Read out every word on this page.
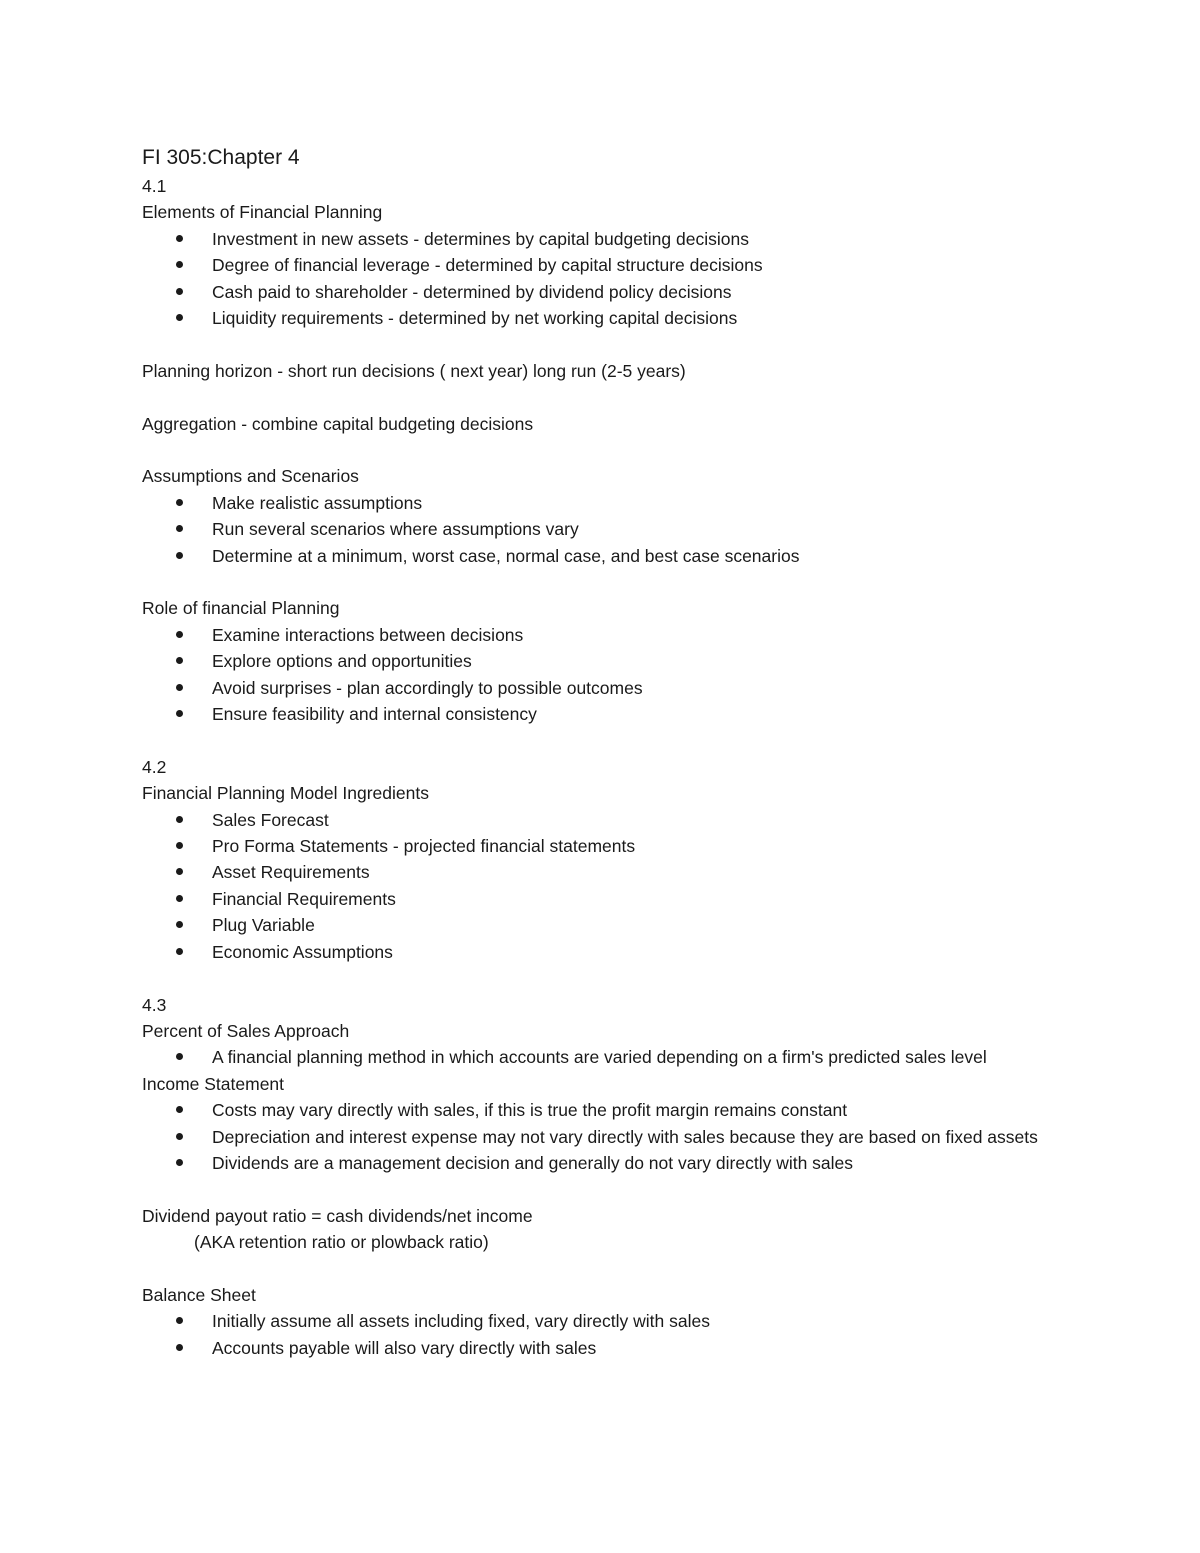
FI 305:Chapter 4

4.1

Elements of Financial Planning

Investment in new assets - determines by capital budgeting decisions
Degree of financial leverage - determined by capital structure decisions
Cash paid to shareholder - determined by dividend policy decisions
Liquidity requirements - determined by net working capital decisions

Planning horizon - short run decisions ( next year) long run (2-5 years)

Aggregation - combine capital budgeting decisions

Assumptions and Scenarios

Make realistic assumptions
Run several scenarios where assumptions vary
Determine at a minimum, worst case, normal case, and best case scenarios

Role of financial Planning

Examine interactions between decisions
Explore options and opportunities
Avoid surprises - plan accordingly to possible outcomes
Ensure feasibility and internal consistency

4.2

Financial Planning Model Ingredients

Sales Forecast
Pro Forma Statements - projected financial statements
Asset Requirements
Financial Requirements
Plug Variable
Economic Assumptions

4.3

Percent of Sales Approach

A financial planning method in which accounts are varied depending on a firm's predicted sales level

Income Statement

Costs may vary directly with sales, if this is true the profit margin remains constant
Depreciation and interest expense may not vary directly with sales because they are based on fixed assets
Dividends are a management decision and generally do not vary directly with sales

Dividend payout ratio = cash dividends/net income

(AKA retention ratio or plowback ratio)

Balance Sheet

Initially assume all assets including fixed, vary directly with sales
Accounts payable will also vary directly with sales
